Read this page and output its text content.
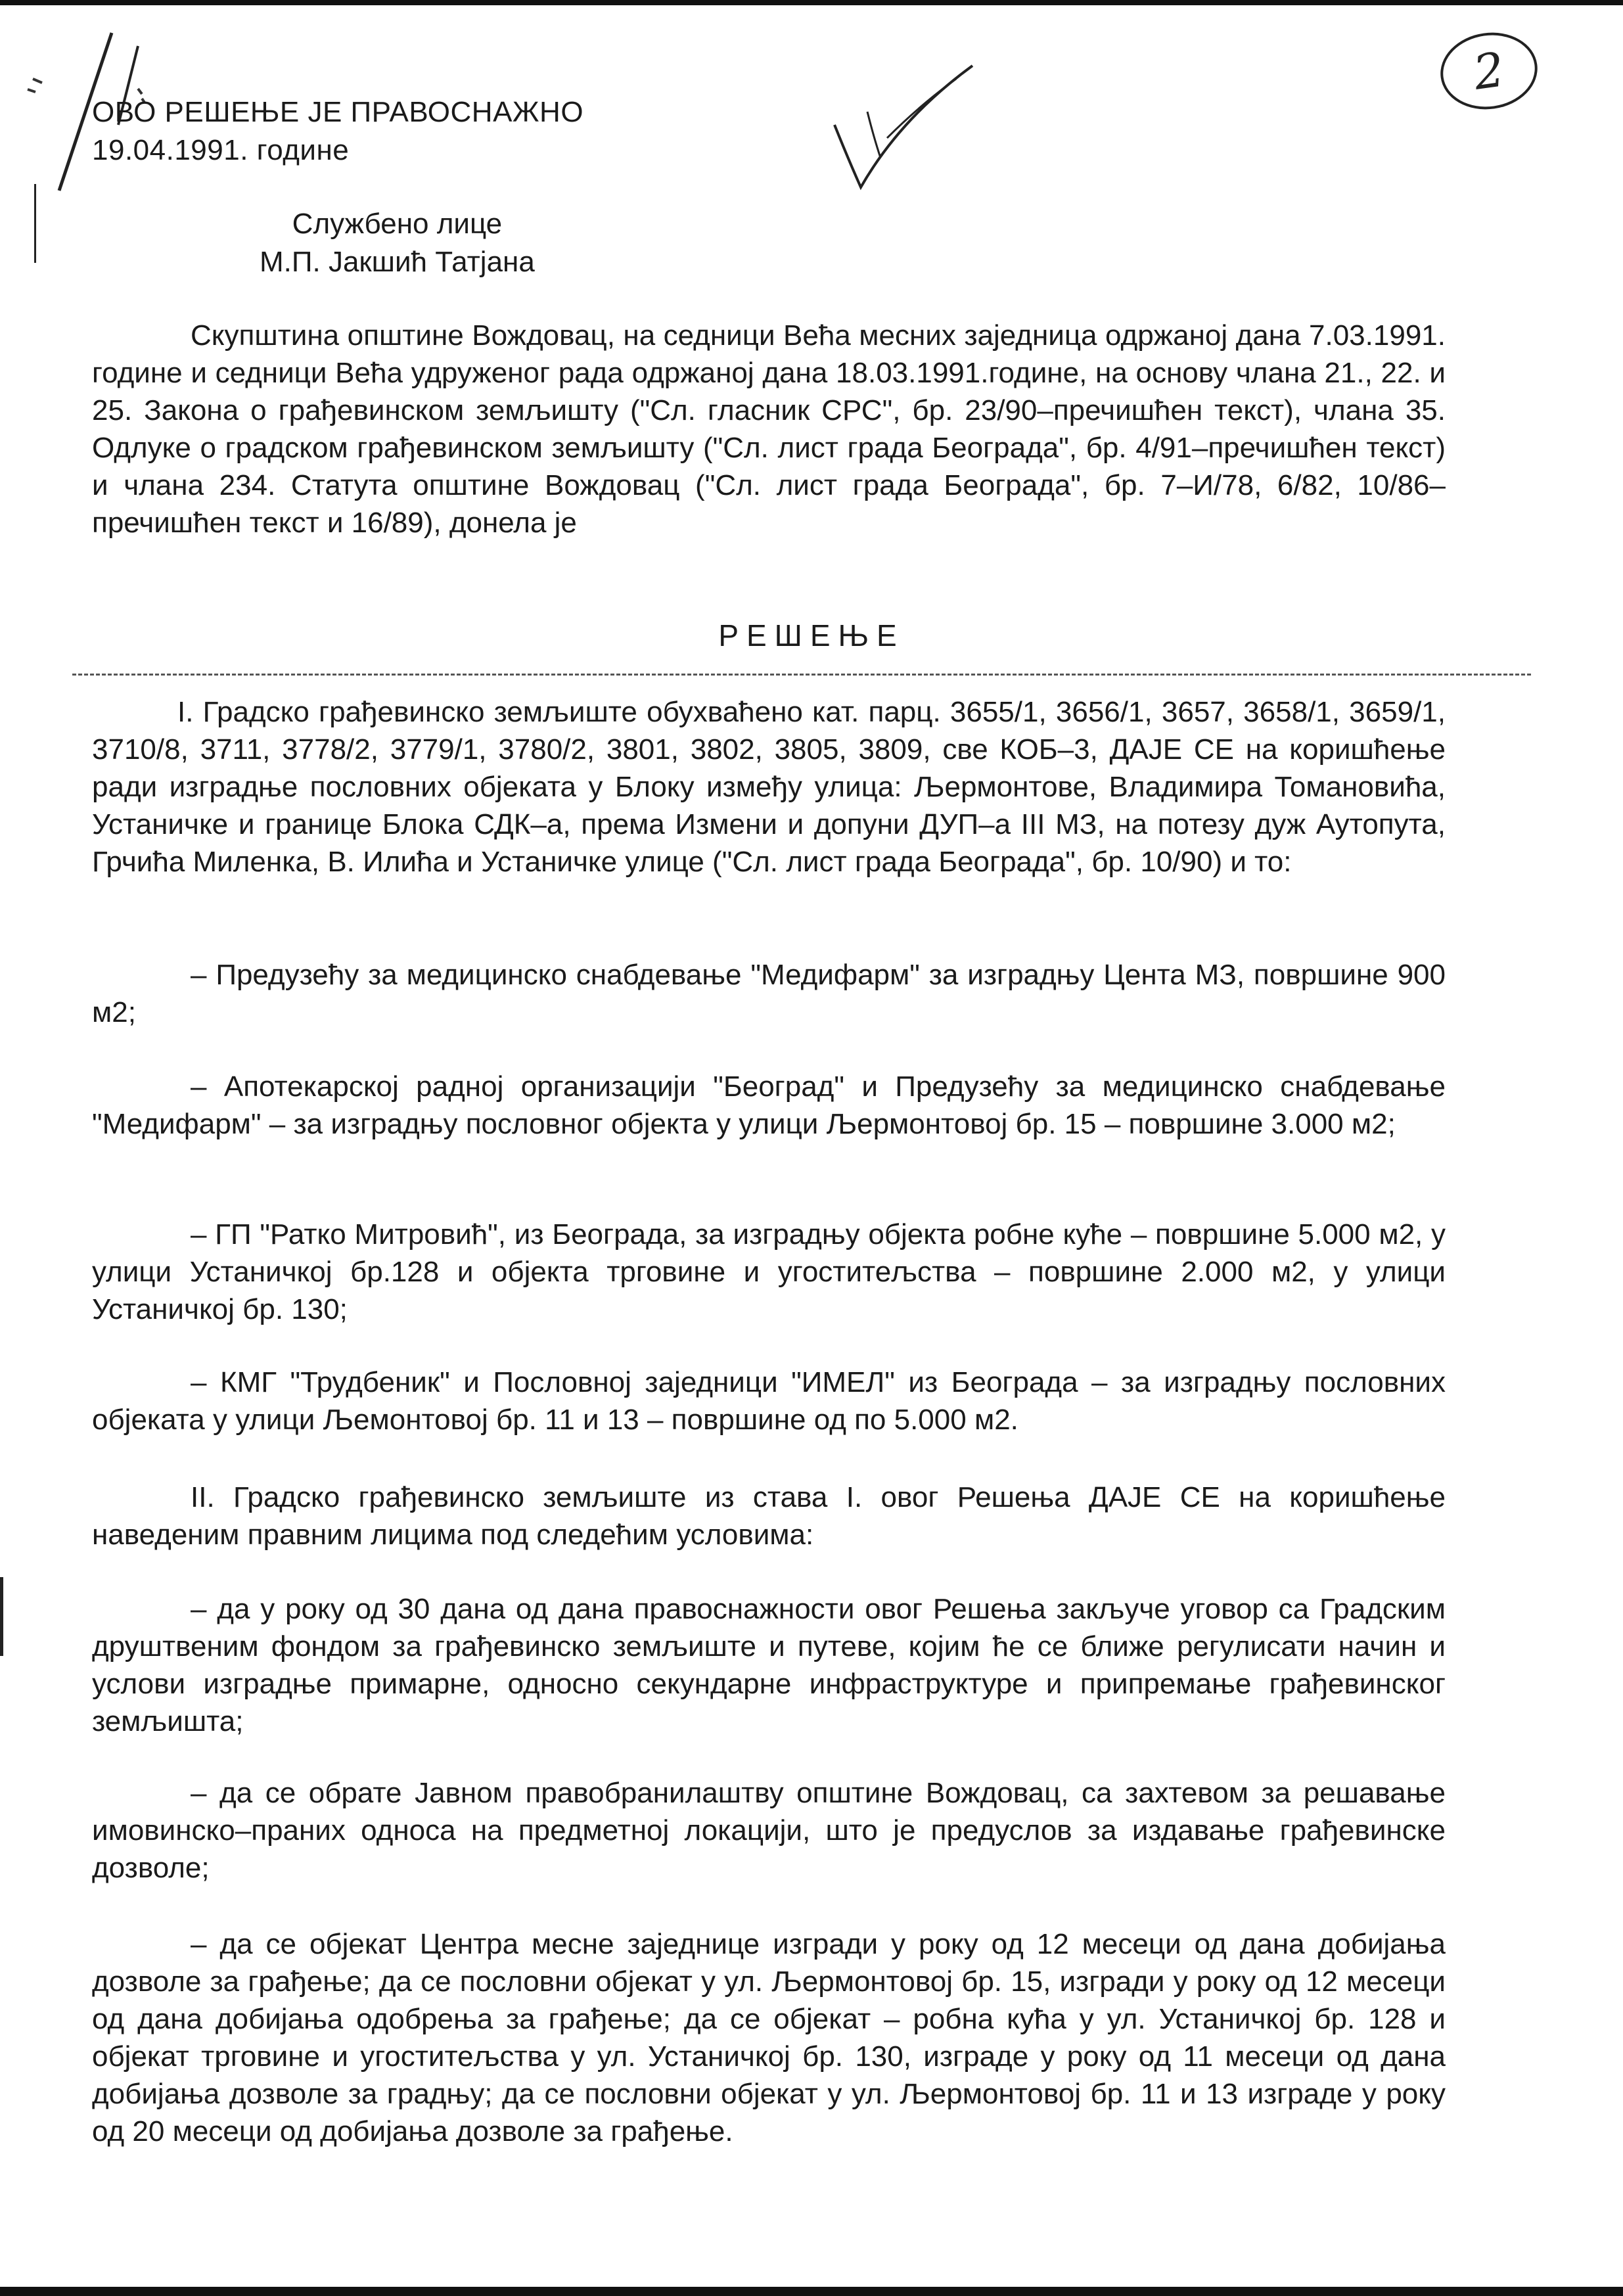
ОВО РЕШЕЊЕ ЈЕ ПРАВОСНАЖНО
19.04.1991. године
2
Службено лице
М.П. Јакшић Татјана

Скупштина општине Вождовац, на седници Већа месних заједница одржаној дана 7.03.1991. године и седници Већа удруженог рада одржаној дана 18.03.1991.године, на основу члана 21., 22. и 25. Закона о грађевинском земљишту ("Сл. гласник СРС", бр. 23/90–пречишћен текст), члана 35. Одлуке о градском грађевинском земљишту ("Сл. лист града Београда", бр. 4/91–пречишћен текст) и члана 234. Статута општине Вождовац ("Сл. лист града Београда", бр. 7–И/78, 6/82, 10/86–пречишћен текст и 16/89), донела је

РЕШЕЊЕ

I. Градско грађевинско земљиште обухваћено кат. парц. 3655/1, 3656/1, 3657, 3658/1, 3659/1, 3710/8, 3711, 3778/2, 3779/1, 3780/2, 3801, 3802, 3805, 3809, све КОБ–3, ДАЈЕ СЕ на коришћење ради изградње пословних објеката у Блоку између улица: Љермонтове, Владимира Томановића, Устаничке и границе Блока СДК–а, према Измени и допуни ДУП–а III МЗ, на потезу дуж Аутопута, Грчића Миленка, В. Илића и Устаничке улице ("Сл. лист града Београда", бр. 10/90) и то:

– Предузећу за медицинско снабдевање "Медифарм" за изградњу Цента МЗ, површине 900 м2;

– Апотекарској радној организацији "Београд" и Предузећу за медицинско снабдевање "Медифарм" – за изградњу пословног објекта у улици Љермонтовој бр. 15 – површине 3.000 м2;

– ГП "Ратко Митровић", из Београда, за изградњу објекта робне куће – површине 5.000 м2, у улици Устаничкој бр.128 и објекта трговине и угоститељства – површине 2.000 м2, у улици Устаничкој бр. 130;

– КМГ "Трудбеник" и Пословној заједници "ИМЕЛ" из Београда – за изградњу пословних објеката у улици Љемонтовој бр. 11 и 13 – површине од по 5.000 м2.

II. Градско грађевинско земљиште из става I. овог Решења ДАЈЕ СЕ на коришћење наведеним правним лицима под следећим условима:

– да у року од 30 дана од дана правоснажности овог Решења закључе уговор са Градским друштвеним фондом за грађевинско земљиште и путеве, којим ће се ближе регулисати начин и услови изградње примарне, односно секундарне инфраструктуре и припремање грађевинског земљишта;

– да се обрате Јавном правобранилаштву општине Вождовац, са захтевом за решавање имовинско–праних односа на предметној локацији, што је предуслов за издавање грађевинске дозволе;

– да се објекат Центра месне заједнице изгради у року од 12 месеци од дана добијања дозволе за грађење; да се пословни објекат у ул. Љермонтовој бр. 15, изгради у року од 12 месеци од дана добијања одобрења за грађење; да се објекат – робна кућа у ул. Устаничкој бр. 128 и објекат трговине и угоститељства у ул. Устаничкој бр. 130, изграде у року од 11 месеци од дана добијања дозволе за градњу; да се пословни објекат у ул. Љермонтовој бр. 11 и 13 изграде у року од 20 месеци од добијања дозволе за грађење.
